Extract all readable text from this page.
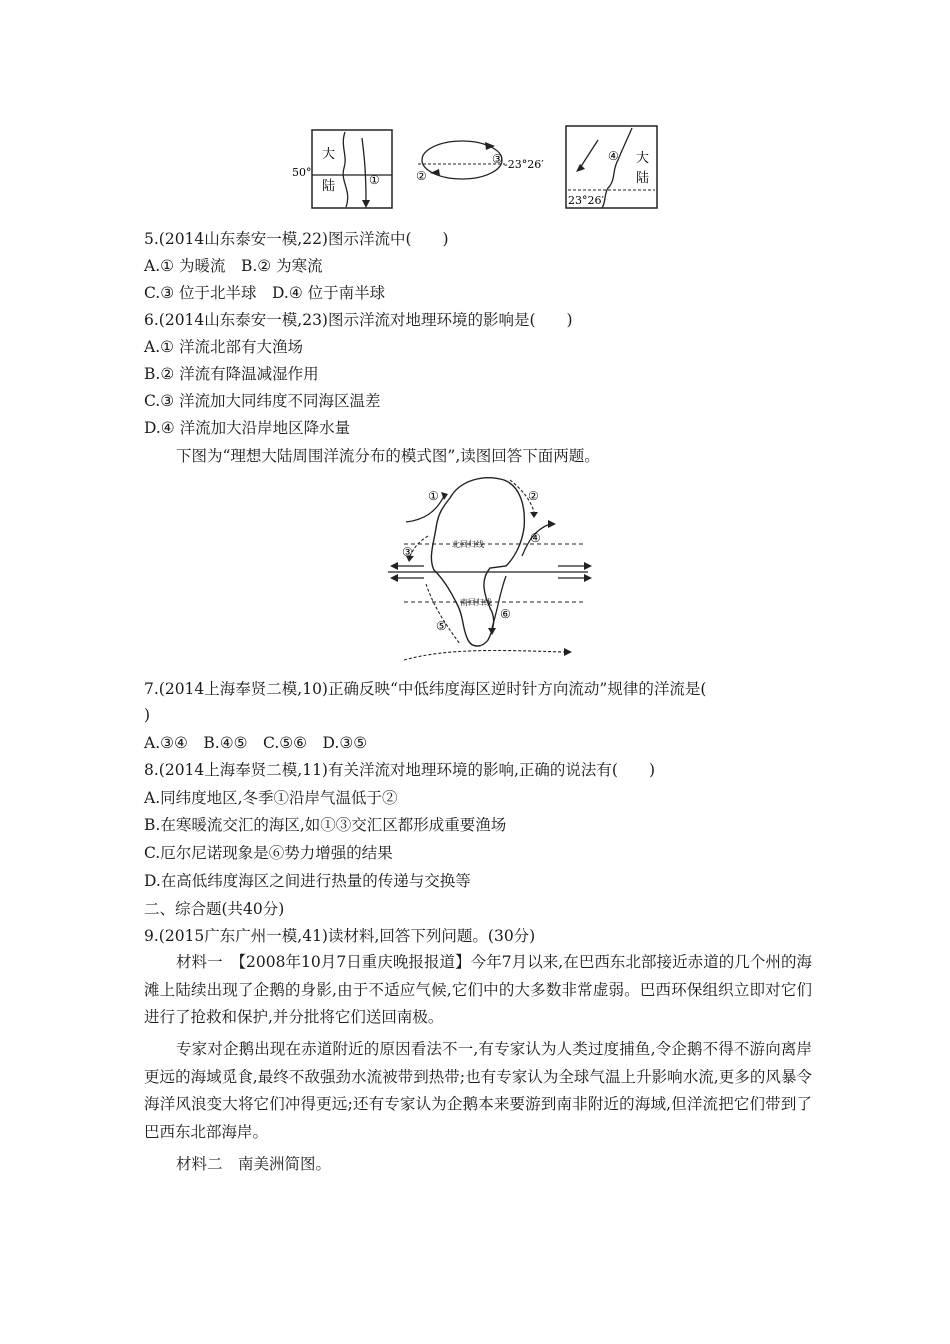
50°
大
陆	①	②
③ -23°26′
④ 大
陆
23°26′
5.(2014山东泰安一模,22)图示洋流中(　　)
A.① 为暖流　B.② 为寒流
C.③ 位于北半球　D.④ 位于南半球
6.(2014山东泰安一模,23)图示洋流对地理环境的影响是(　　)
A.① 洋流北部有大渔场
B.② 洋流有降温减湿作用
C.③ 洋流加大同纬度不同海区温差
D.④ 洋流加大沿岸地区降水量
下图为“理想大陆周围洋流分布的模式图”,读图回答下面两题。
北回归线
南回归线
①	②
③
④
⑤
⑥
7.(2014上海奉贤二模,10)正确反映“中低纬度海区逆时针方向流动”规律的洋流是(
)
A.③④　B.④⑤　C.⑤⑥　D.③⑤
8.(2014上海奉贤二模,11)有关洋流对地理环境的影响,正确的说法有(　　)
A.同纬度地区,冬季①沿岸气温低于②
B.在寒暖流交汇的海区,如①③交汇区都形成重要渔场
C.厄尔尼诺现象是⑥势力增强的结果
D.在高低纬度海区之间进行热量的传递与交换等
二、综合题(共40分)
9.(2015广东广州一模,41)读材料,回答下列问题。(30分)
材料一　【2008年10月7日重庆晚报报道】今年7月以来,在巴西东北部接近赤道的几个州的海滩上陆续出现了企鹅的身影,由于不适应气候,它们中的大多数非常虚弱。巴西环保组织立即对它们进行了抢救和保护,并分批将它们送回南极。
专家对企鹅出现在赤道附近的原因看法不一,有专家认为人类过度捕鱼,令企鹅不得不游向离岸更远的海域觅食,最终不敌强劲水流被带到热带;也有专家认为全球气温上升影响水流,更多的风暴令海洋风浪变大将它们冲得更远;还有专家认为企鹅本来要游到南非附近的海域,但洋流把它们带到了巴西东北部海岸。
材料二　南美洲简图。
